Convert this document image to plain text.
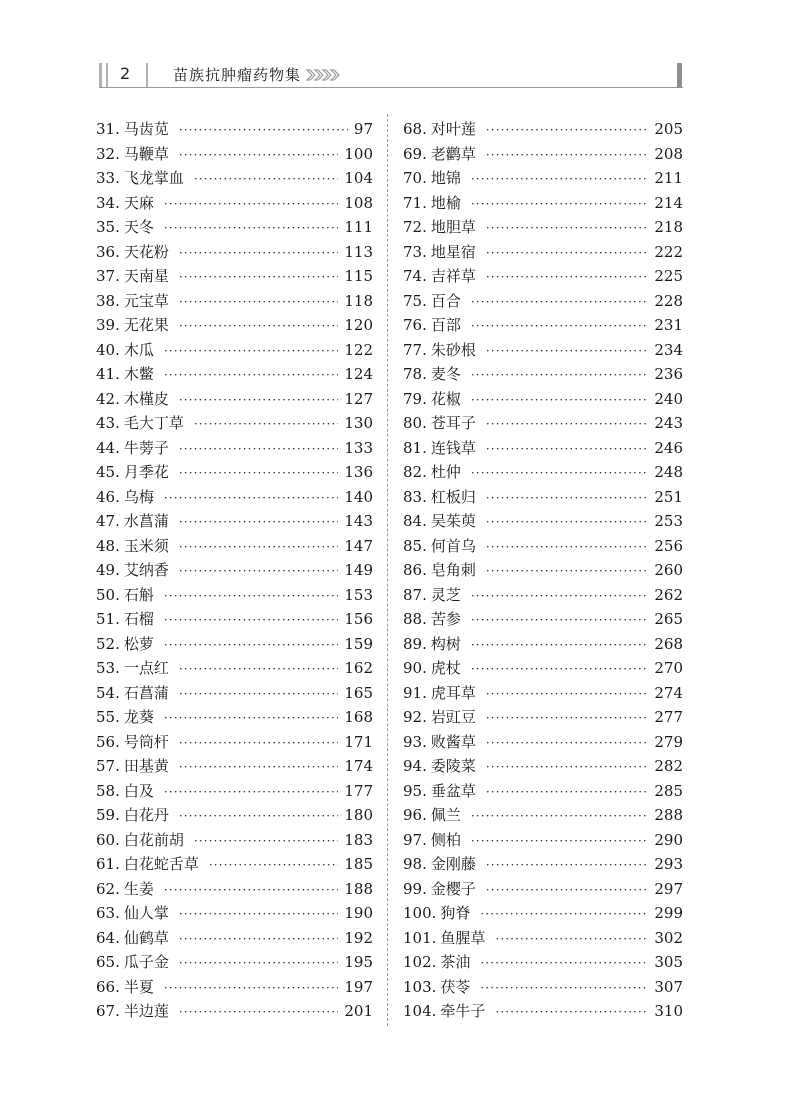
2	苗族抗肿瘤药物集
31. 马齿苋 ·····	97
32. 马鞭草 ·····	100
33. 飞龙掌血 ·····	104
34. 天麻 ·····	108
35. 天冬 ·····	111
36. 天花粉 ·····	113
37. 天南星 ·····	115
38. 元宝草 ·····	118
39. 无花果 ·····	120
40. 木瓜 ·····	122
41. 木鳖 ·····	124
42. 木槿皮 ·····	127
43. 毛大丁草 ·····	130
44. 牛蒡子 ·····	133
45. 月季花 ·····	136
46. 乌梅 ·····	140
47. 水菖蒲 ·····	143
48. 玉米须 ·····	147
49. 艾纳香 ·····	149
50. 石斛 ·····	153
51. 石榴 ·····	156
52. 松萝 ·····	159
53. 一点红 ·····	162
54. 石菖蒲 ·····	165
55. 龙葵 ·····	168
56. 号筒杆 ·····	171
57. 田基黄 ·····	174
58. 白及 ·····	177
59. 白花丹 ·····	180
60. 白花前胡 ·····	183
61. 白花蛇舌草 ·····	185
62. 生姜 ·····	188
63. 仙人掌 ·····	190
64. 仙鹤草 ·····	192
65. 瓜子金 ·····	195
66. 半夏 ·····	197
67. 半边莲 ·····	201
68. 对叶莲 ·····	205
69. 老鹳草 ·····	208
70. 地锦 ·····	211
71. 地榆 ·····	214
72. 地胆草 ·····	218
73. 地星宿 ·····	222
74. 吉祥草 ·····	225
75. 百合 ·····	228
76. 百部 ·····	231
77. 朱砂根 ·····	234
78. 麦冬 ·····	236
79. 花椒 ·····	240
80. 苍耳子 ·····	243
81. 连钱草 ·····	246
82. 杜仲 ·····	248
83. 杠板归 ·····	251
84. 吴茱萸 ·····	253
85. 何首乌 ·····	256
86. 皂角刺 ·····	260
87. 灵芝 ·····	262
88. 苦参 ·····	265
89. 构树 ·····	268
90. 虎杖 ·····	270
91. 虎耳草 ·····	274
92. 岩豇豆 ·····	277
93. 败酱草 ·····	279
94. 委陵菜 ·····	282
95. 垂盆草 ·····	285
96. 佩兰 ·····	288
97. 侧柏 ·····	290
98. 金刚藤 ·····	293
99. 金樱子 ·····	297
100. 狗脊 ·····	299
101. 鱼腥草 ·····	302
102. 茶油 ·····	305
103. 茯苓 ·····	307
104. 牵牛子 ·····	310
